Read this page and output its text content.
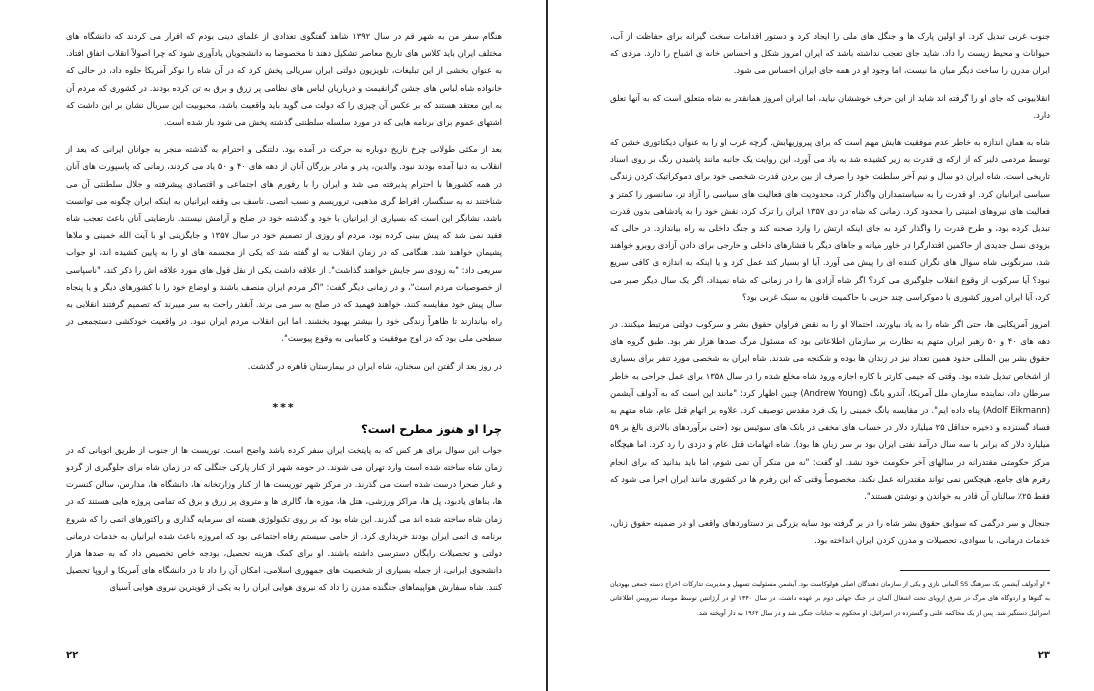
هنگام سفر من به شهر قم در سال ۱۳۹۲ شاهد گفتگوی تعدادی از علمای دینی بودم که اقرار می کردند که دانشگاه های مختلف ایران باید کلاس های تاریخ معاصر تشکیل دهند تا مخصوصا به دانشجویان یادآوری شود که چرا اصولاً انقلاب اتفاق افتاد. به عنوان بخشی از این تبلیغات، تلویزیون دولتی ایران سریالی پخش کرد که در آن شاه را نوکر آمریکا جلوه داد، در حالی که خانواده شاه لباس های جشن گرانقیمت و درباریان لباس های نظامی پر زرق و برق به تن کرده بودند. در کشوری که مردم آن به این معتقد هستند که بر عکس آن چیزی را که دولت می گوید باید واقعیت باشد، محبوبیت این سریال نشان بر این داشت که اشتهای عموم برای برنامه هایی که در مورد سلسله سلطنتی گذشته پخش می شود باز شده است.

بعد از مکثی طولانی چرخ تاریخ دوباره به حرکت در آمده بود. دلتنگی و احترام به گذشته منجر به جوانان ایرانی که بعد از انقلاب به دنیا آمده بودند نبود. والدین، پدر و مادر بزرگان آنان از دهه های ۴۰ و ۵۰ یاد می کردند، زمانی که پاسپورت های آنان در همه کشورها با احترام پذیرفته می شد و ایران را با رفورم های اجتماعی و اقتصادی پیشرفته و جلال سلطنتی آن می شناختند نه به سنگسار، افراط گری مذهبی، تروریسم و نسب انصی. تاسف بی وقفه ایرانیان به اینکه ایران چگونه می توانست باشد، نشانگر این است که بسیاری از ایرانیان با خود و گذشته خود در صلح و آرامش نیستند. نارضایتی آنان باعث تعجب شاه فقید نمی شد که پیش بینی کرده بود، مردم او روزی از تصمیم خود در سال ۱۳۵۷ و جایگزینی او با آیت الله خمینی و ملاها پشیمان خواهند شد. هنگامی که در زمان انقلاب به او گفته شد که یکی از مجسمه های او را به پایین کشیده اند، او جواب سریعی داد: "به زودی سر جایش خواهند گذاشت". از علاقه داشت یکی از نقل قول های مورد علاقه اش را ذکر کند، "ناسپاسی از خصوصیات مردم است"، و در زمانی دیگر گفت: "اگر مردم ایران منصف باشند و اوضاع خود را با کشورهای دیگر و یا پنجاه سال پیش خود مقایسه کنند، خواهند فهمید که در صلح به سر می برند. آنقدر راحت به سر میبرند که تصمیم گرفتند انقلابی به راه بیاندازند تا ظاهراً زندگی خود را بیشتر بهبود بخشند. اما این انقلاب مردم ایران نبود. در واقعیت خودکشی دستجمعی در سطحی ملی بود که در اوج موفقیت و کامیابی به وقوع پیوست".

در روز بعد از گفتن این سخنان، شاه ایران در بیمارستان قاهره در گذشت.

***
چرا او هنوز مطرح است؟

جواب این سوال برای هر کس که به پایتخت ایران سفر کرده باشد واضح است. توریست ها از جنوب از طریق اتوبانی که در زمان شاه ساخته شده است وارد تهران می شوند. در حومه شهر از کنار پارکی جنگلی که در زمان شاه برای جلوگیری از گردو و غبار صحرا درست شده است می گذرند. در مرکز شهر توریست ها از کنار وزارتخانه ها، دانشگاه ها، مدارس، سالن کنسرت ها، بناهای یادبود، پل ها، مراکز ورزشی، هتل ها، موزه ها، گالری ها و متروی پر زرق و برق که تمامی پروژه هایی هستند که در زمان شاه ساخته شده اند می گذرند. این شاه بود که بر روی تکنولوژی هسته ای سرمایه گذاری و راکتورهای اتمی را که شروع برنامه ی اتمی ایران بودند خریداری کرد. از حامی سیستم رفاه اجتماعی بود که امروزه باعث شده ایرانیان به خدمات درمانی دولتی و تحصیلات رایگان دسترسی داشته باشند. او برای کمک هزینه تحصیل، بودجه خاص تخصیص داد که به صدها هزار دانشجوی ایرانی، از جمله بسیاری از شخصیت های جمهوری اسلامی، امکان آن را داد تا در دانشگاه های آمریکا و اروپا تحصیل کنند. شاه سفارش هواپیماهای جنگنده مدرن را داد که نیروی هوایی ایران را به یکی از قویترین نیروی هوایی آسیای

۲۲

جنوب غربی تبدیل کرد. او اولین پارک ها و جنگل های ملی را ایجاد کرد و دستور اقدامات سخت گیرانه برای حفاظت از آب، حیوانات و محیط زیست را داد. شاید جای تعجب نداشته باشد که ایران امروز شکل و احساس خانه ی اشباح را دارد. مردی که ایران مدرن را ساخت دیگر میان ما نیست، اما وجود او در همه جای ایران احساس می شود.

انقلابیونی که جای او را گرفته اند شاید از این حرف خوششان نیاید، اما ایران امروز همانقدر به شاه متعلق است که به آنها تعلق دارد.

شاه به همان اندازه به خاطر عدم موفقیت هایش مهم است که برای پیروزیهایش. گرچه غرب او را به عنوان دیکتاتوری خشن که توسط مردمی دلیر که از ارکه ی قدرت به زیر کشیده شد به یاد می آورد، این روایت یک جانبه مانند پاشیدن رنگ بر روی اسناد تاریخی است. شاه ایران دو سال و نیم آخر سلطنت خود را صرف از بین بردن قدرت شخصی خود برای دموکراتیک کردن زندگی سیاسی ایرانیان کرد. او قدرت را به سیاستمداران واگذار کرد، محدودیت های فعالیت های سیاسی را آزاد تر، سانسور را کمتر و فعالیت های نیروهای امنیتی را محدود کرد. زمانی که شاه در دی ۱۳۵۷ ایران را ترک کرد، نقش خود را به پادشاهی بدون قدرت تبدیل کرده بود، و طرح قدرت را واگذار کرد به جای اینکه ارتش را وارد صحنه کند و جنگ داخلی به راه بیاندازد. در حالی که بزودی نسل جدیدی از حاکمین اقتدارگرا در خاور میانه و جاهای دیگر با فشارهای داخلی و خارجی برای دادن آزادی روبرو خواهند شد، سرنگونی شاه سوال های نگران کننده ای را پیش می آورد. آیا او بسیار کند عمل کرد و یا اینکه به اندازه ی کافی سریع نبود؟ آیا سرکوب از وقوع انقلاب جلوگیری می کرد؟ اگر شاه آزادی ها را در زمانی که شاه نمیداد، اگر یک سال دیگر صبر می کرد، آیا ایران امروز کشوری با دموکراسی چند حزبی با حاکمیت قانون به سبک غربی بود؟

امروز آمریکایی ها، حتی اگر شاه را به یاد بیاورند، احتمالا او را به نقض فراوان حقوق بشر و سرکوب دولتی مرتبط میکنند. در دهه های ۴۰ و ۵۰ رهبر ایران متهم به نظارت بر سازمان اطلاعاتی بود که مسئول مرگ صدها هزار نفر بود. طبق گروه های حقوق بشر بین المللی حدود همین تعداد نیز در زندان ها بوده و شکنجه می شدند. شاه ایران به شخصی مورد تنفر برای بسیاری از اشخاص تبدیل شده بود. وقتی که جیمی کارتر با کاره اجازه ورود شاه مخلع شده را در سال ۱۳۵۸ برای عمل جراحی به خاطر سرطان داد، نماینده سازمان ملل آمریکا، آندرو یانگ (Andrew Young) چنین اظهار کرد: "مانند این است که به آدولف آیشمن (Adolf Eikmann) پناه داده ایم". در مقایسه یانگ خمینی را یک فرد مقدس توصیف کرد. علاوه بر اتهام قتل عام، شاه متهم به فساد گسترده و ذخیره حداقل ۲۵ میلیارد دلار در حساب های مخفی در بانک های سوئیس بود (حتی برآوردهای بالاتری بالغ بر ۵۹ میلیارد دلار که برابر با سه سال درآمد نفتی ایران بود بر سر زبان ها بود). شاه اتهامات قتل عام و دزدی را رد کرد. اما هیچگاه مرکز حکومتی مقتدرانه در سالهای آخر حکومت خود نشد. او گفت: "نه من منکر آن نمی شوم، اما باید بدانید که برای انجام رفرم های جامع، هیچکس نمی تواند مقتدرانه عمل نکند. مخصوصاً وقتی که این رفرم ها در کشوری مانند ایران اجرا می شود که فقط ۲۵٪ سالنان آن قادر به خواندن و نوشتن هستند".

جنجال و سر درگمی که سوابق حقوق بشر شاه را در بر گرفته بود سایه بزرگی بر دستاوردهای واقعی او در ضمینه حقوق زنان، خدمات درمانی، با سوادی، تحصیلات و مدرن کردن ایران انداخته بود.

* او آدولف آیشمن یک سرهنگ SS آلمانی نازی و یکی از سازمان دهندگان اصلی هولوکاست بود. آیشمن مسئولیت تسهیل و مدیریت تدارکات اخراج دسته جمعی یهودیان به گتوها و اردوگاه های مرگ در شرق اروپای تحت اشغال آلمان در جنگ جهانی دوم بر عهده داشت. در سال ۱۳۴۰ او در آرژانتین توسط موساد سرویس اطلاعاتی اسرائیل دستگیر شد. پس از یک محاکمه علنی و گسترده در اسرائیل، او محکوم به جنایات جنگی شد و در سال ۱۹۶۲ به دار آویخته شد.

۲۳
